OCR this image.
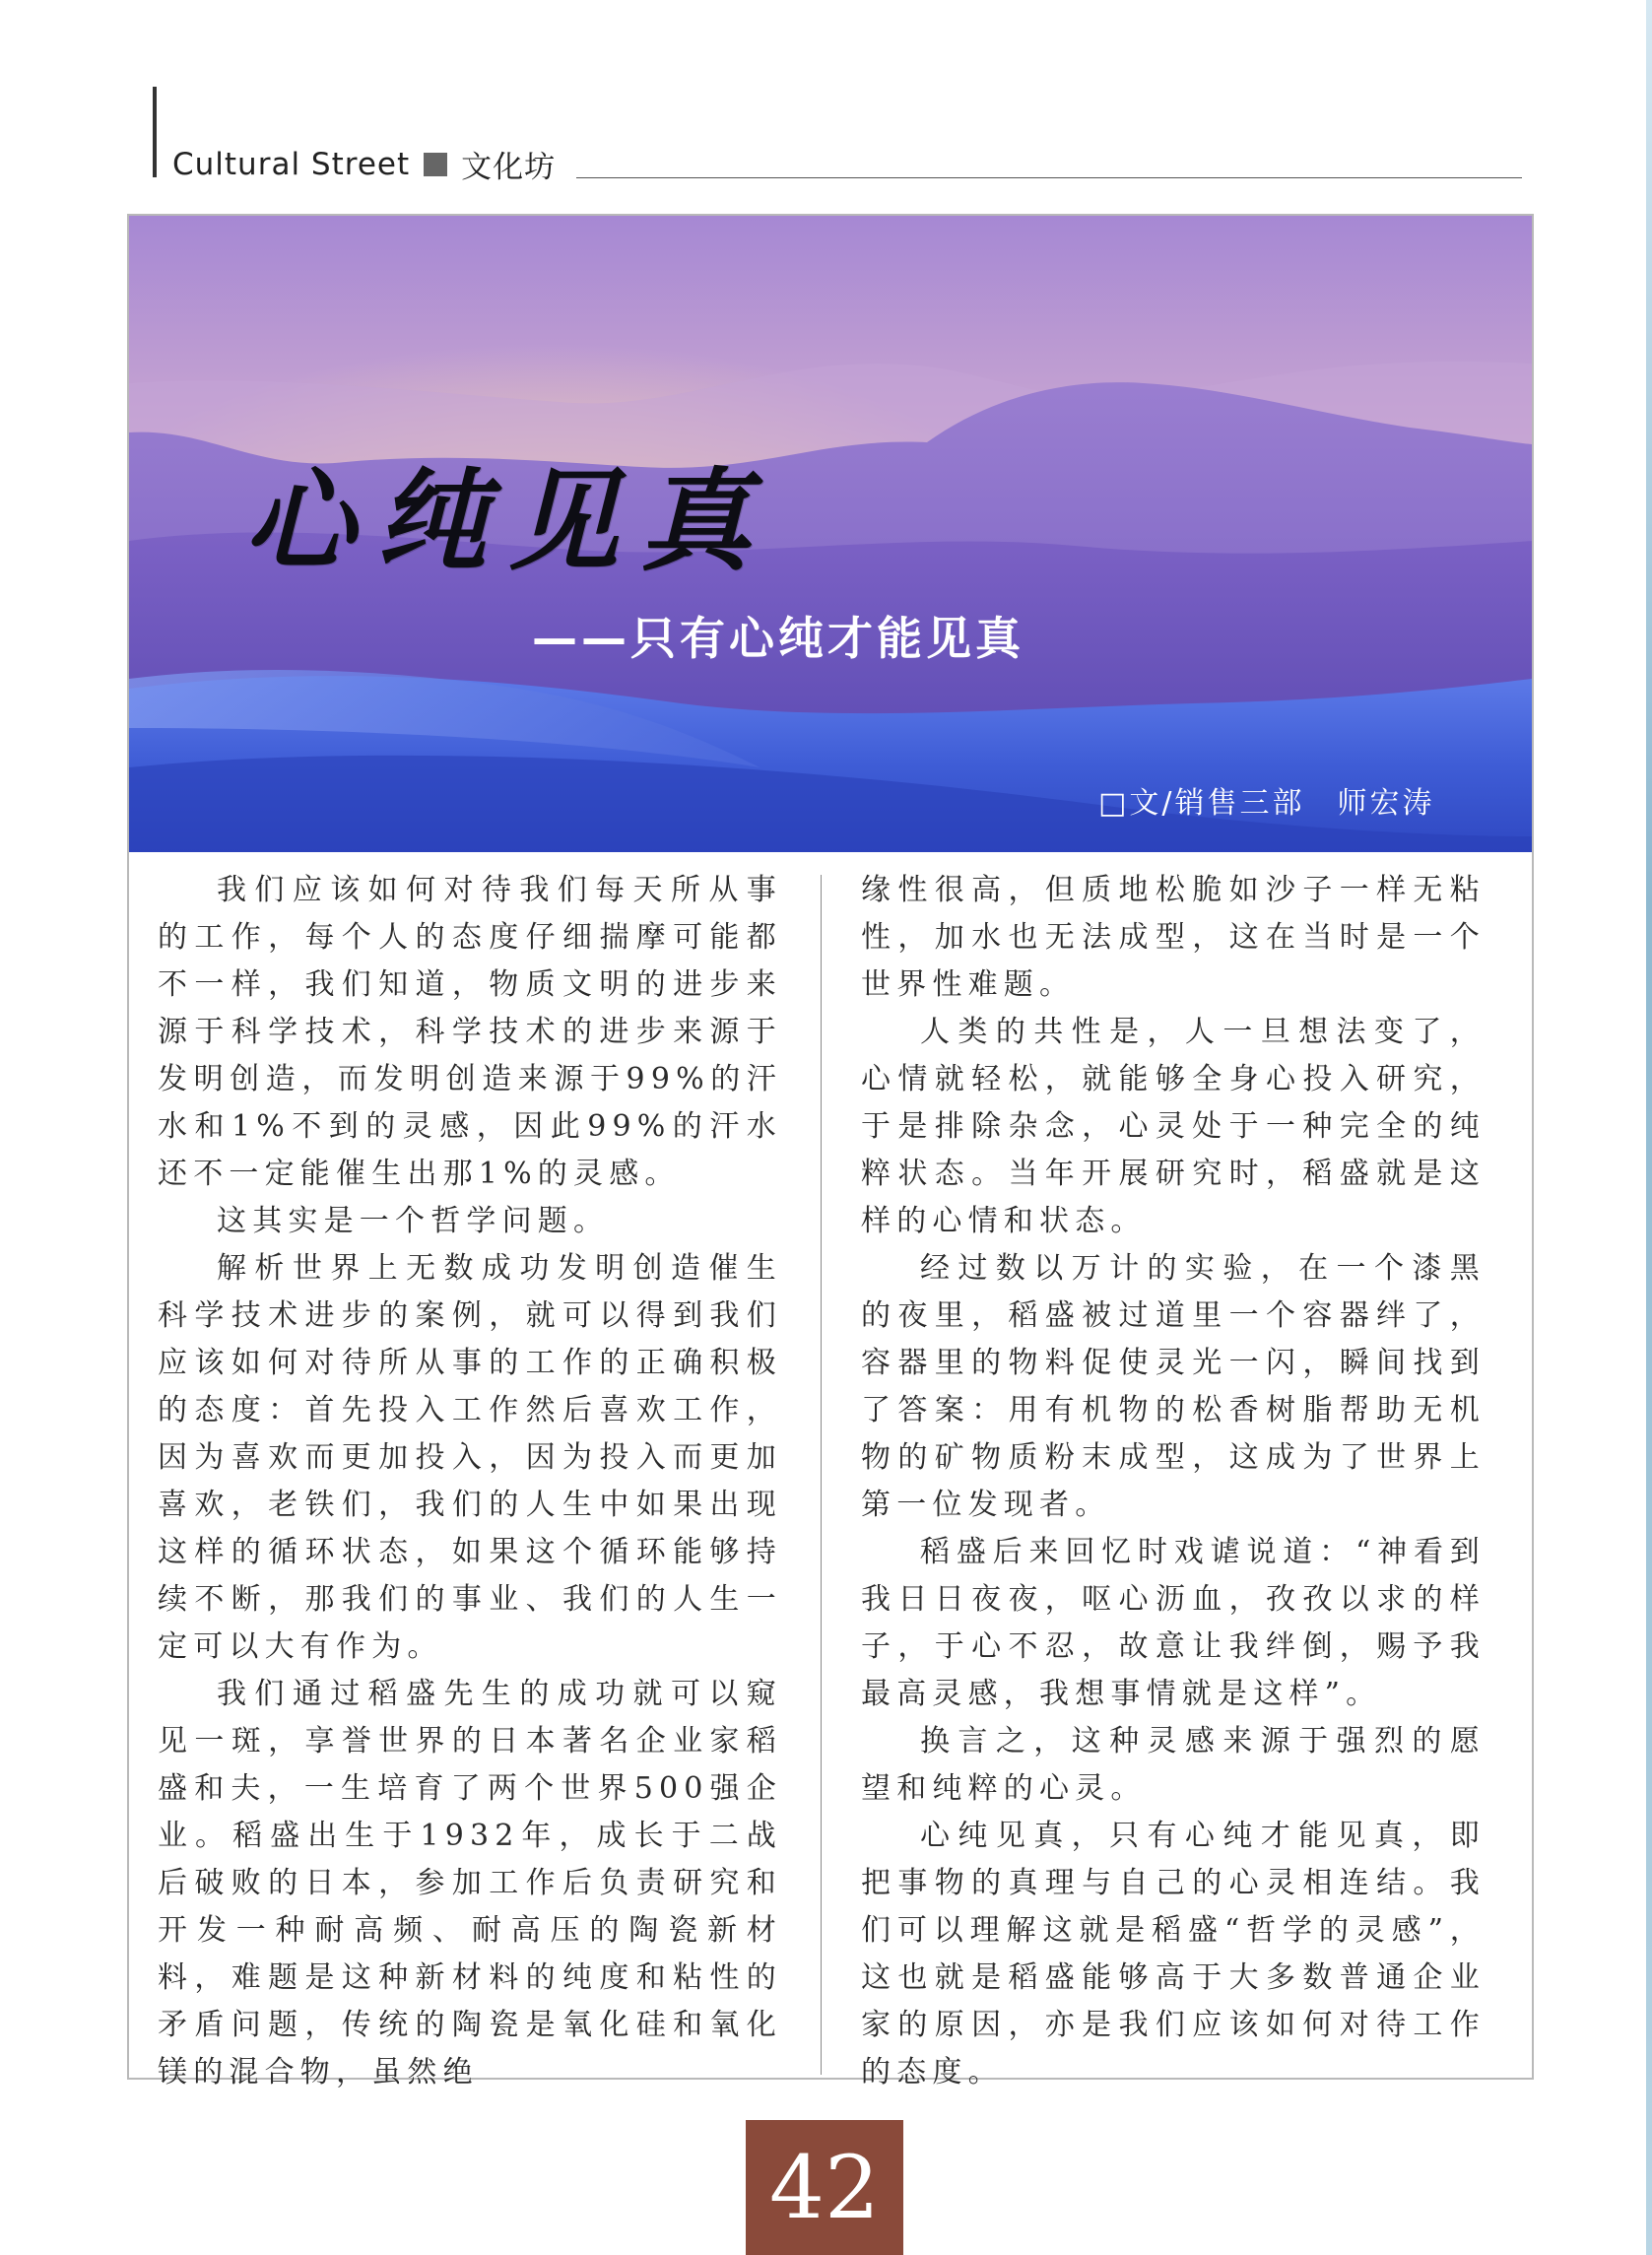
Cultural Street 文化坊
心纯见真
——只有心纯才能见真
□文/销售三部　师宏涛

我们应该如何对待我们每天所从事的工作，每个人的态度仔细揣摩可能都不一样，我们知道，物质文明的进步来源于科学技术，科学技术的进步来源于发明创造，而发明创造来源于99%的汗水和1%不到的灵感，因此99%的汗水还不一定能催生出那1%的灵感。

这其实是一个哲学问题。

解析世界上无数成功发明创造催生科学技术进步的案例，就可以得到我们应该如何对待所从事的工作的正确积极的态度：首先投入工作然后喜欢工作，因为喜欢而更加投入，因为投入而更加喜欢，老铁们，我们的人生中如果出现这样的循环状态，如果这个循环能够持续不断，那我们的事业、我们的人生一定可以大有作为。

我们通过稻盛先生的成功就可以窥见一斑，享誉世界的日本著名企业家稻盛和夫，一生培育了两个世界500强企业。稻盛出生于1932年，成长于二战后破败的日本，参加工作后负责研究和开发一种耐高频、耐高压的陶瓷新材料，难题是这种新材料的纯度和粘性的矛盾问题，传统的陶瓷是氧化硅和氧化镁的混合物，虽然绝

缘性很高，但质地松脆如沙子一样无粘性，加水也无法成型，这在当时是一个世界性难题。

人类的共性是，人一旦想法变了，心情就轻松，就能够全身心投入研究，于是排除杂念，心灵处于一种完全的纯粹状态。当年开展研究时，稻盛就是这样的心情和状态。

经过数以万计的实验，在一个漆黑的夜里，稻盛被过道里一个容器绊了，容器里的物料促使灵光一闪，瞬间找到了答案：用有机物的松香树脂帮助无机物的矿物质粉末成型，这成为了世界上第一位发现者。

稻盛后来回忆时戏谑说道：“神看到我日日夜夜，呕心沥血，孜孜以求的样子，于心不忍，故意让我绊倒，赐予我最高灵感，我想事情就是这样”。

换言之，这种灵感来源于强烈的愿望和纯粹的心灵。

心纯见真，只有心纯才能见真，即把事物的真理与自己的心灵相连结。我们可以理解这就是稻盛“哲学的灵感”，这也就是稻盛能够高于大多数普通企业家的原因，亦是我们应该如何对待工作的态度。

42
